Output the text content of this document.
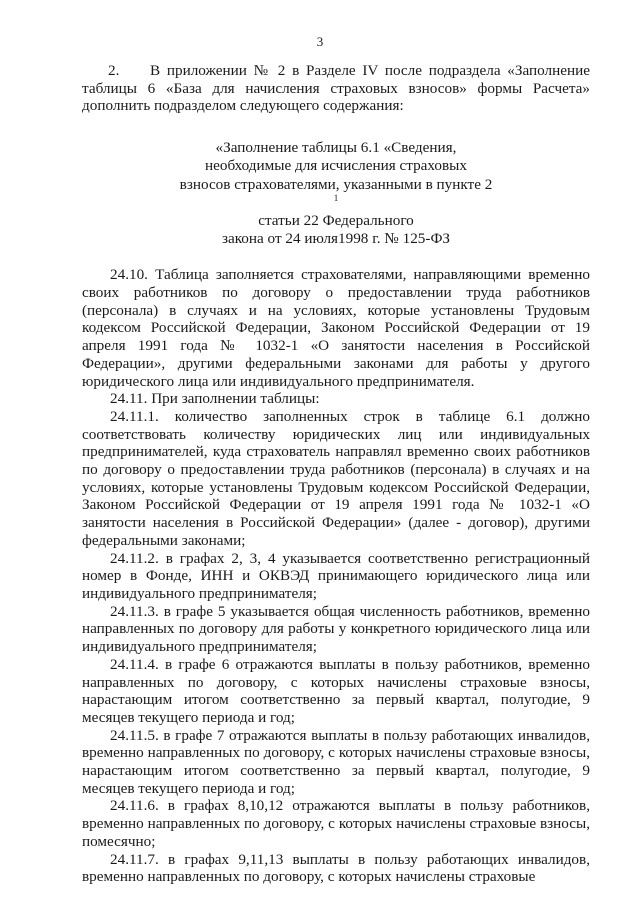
3

2. В приложении № 2 в Разделе IV после подраздела «Заполнение таблицы 6 «База для начисления страховых взносов» формы Расчета» дополнить подразделом следующего содержания:

«Заполнение таблицы 6.1 «Сведения,
необходимые для исчисления страховых
взносов страхователями, указанными в пункте 2
$^1$
статьи 22 Федерального
закона от 24 июля1998 г. № 125-ФЗ

24.10. Таблица заполняется страхователями, направляющими временно своих работников по договору о предоставлении труда работников (персонала) в случаях и на условиях, которые установлены Трудовым кодексом Российской Федерации, Законом Российской Федерации от 19 апреля 1991 года № 1032-1 «О занятости населения в Российской Федерации», другими федеральными законами для работы у другого юридического лица или индивидуального предпринимателя.

24.11. При заполнении таблицы:

24.11.1. количество заполненных строк в таблице 6.1 должно соответствовать количеству юридических лиц или индивидуальных предпринимателей, куда страхователь направлял временно своих работников по договору о предоставлении труда работников (персонала) в случаях и на условиях, которые установлены Трудовым кодексом Российской Федерации, Законом Российской Федерации от 19 апреля 1991 года № 1032-1 «О занятости населения в Российской Федерации» (далее - договор), другими федеральными законами;

24.11.2. в графах 2, 3, 4 указывается соответственно регистрационный номер в Фонде, ИНН и ОКВЭД принимающего юридического лица или индивидуального предпринимателя;

24.11.3. в графе 5 указывается общая численность работников, временно направленных по договору для работы у конкретного юридического лица или индивидуального предпринимателя;

24.11.4. в графе 6 отражаются выплаты в пользу работников, временно направленных по договору, с которых начислены страховые взносы, нарастающим итогом соответственно за первый квартал, полугодие, 9 месяцев текущего периода и год;

24.11.5. в графе 7 отражаются выплаты в пользу работающих инвалидов, временно направленных по договору, с которых начислены страховые взносы, нарастающим итогом соответственно за первый квартал, полугодие, 9 месяцев текущего периода и год;

24.11.6. в графах 8,10,12 отражаются выплаты в пользу работников, временно направленных по договору, с которых начислены страховые взносы, помесячно;

24.11.7. в графах 9,11,13 выплаты в пользу работающих инвалидов, временно направленных по договору, с которых начислены страховые
